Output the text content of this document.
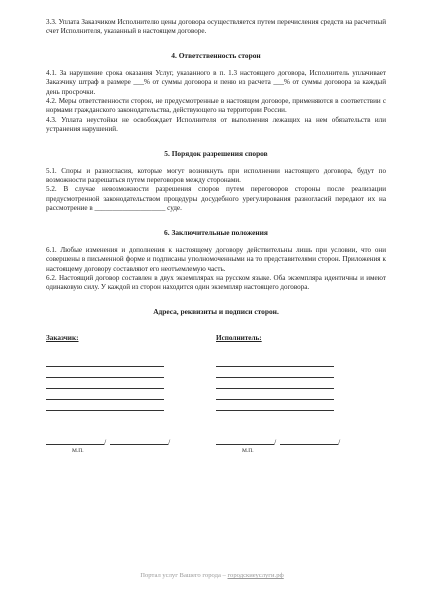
3.3. Уплата Заказчиком Исполнителю цены договора осуществляется путем перечисления средств на расчетный счет Исполнителя, указанный в настоящем договоре.

4. Ответственность сторон

4.1. За нарушение срока оказания Услуг, указанного в п. 1.3 настоящего договора, Исполнитель уплачивает Заказчику штраф в размере ___% от суммы договора и пеню из расчета ___% от суммы договора за каждый день просрочки.

4.2. Меры ответственности сторон, не предусмотренные в настоящем договоре, применяются в соответствии с нормами гражданского законодательства, действующего на территории России.

4.3. Уплата неустойки не освобождает Исполнителя от выполнения лежащих на нем обязательств или устранения нарушений.

5. Порядок разрешения споров

5.1. Споры и разногласия, которые могут возникнуть при исполнении настоящего договора, будут по возможности разрешаться путем переговоров между сторонами.

5.2. В случае невозможности разрешения споров путем переговоров стороны после реализации предусмотренной законодательством процедуры досудебного урегулирования разногласий передают их на рассмотрение в ____________________ суде.

6. Заключительные положения

6.1. Любые изменения и дополнения к настоящему договору действительны лишь при условии, что они совершены в письменной форме и подписаны уполномоченными на то представителями сторон. Приложения к настоящему договору составляют его неотъемлемую часть.

6.2. Настоящий договор составлен в двух экземплярах на русском языке. Оба экземпляра идентичны и имеют одинаковую силу. У каждой из сторон находится один экземпляр настоящего договора.

Адреса, реквизиты и подписи сторон.
Заказчик:
/	/
М.П.
Исполнитель:
/	/
М.П.
Портал услуг Вашего города – городскиеуслуги.рф
